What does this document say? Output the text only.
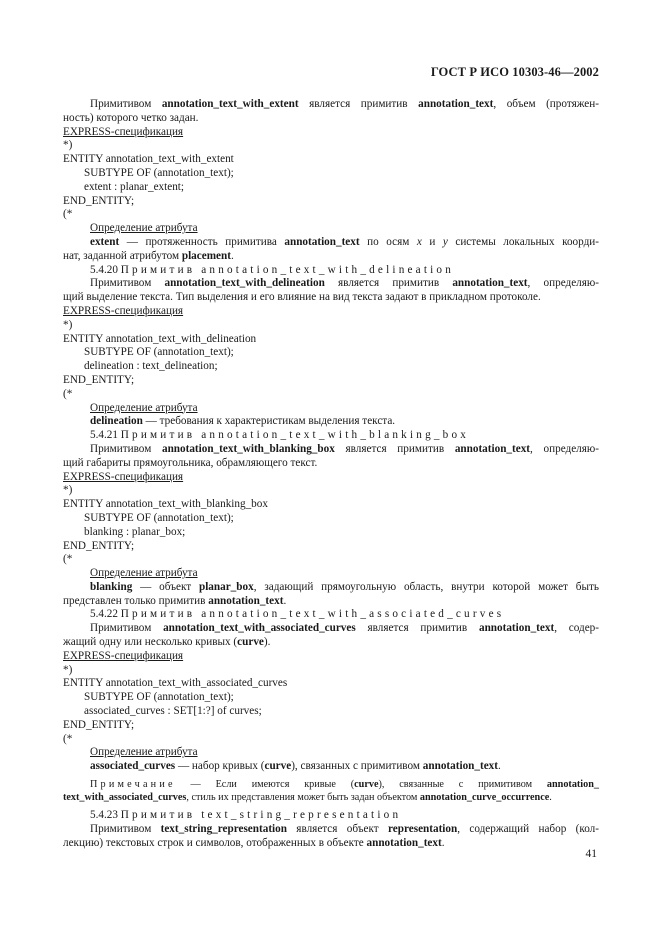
ГОСТ Р ИСО 10303-46—2002

Примитивом annotation_text_with_extent является примитив annotation_text, объем (протяжен-

ность) которого четко задан.

EXPRESS-спецификация

*)

ENTITY annotation_text_with_extent

SUBTYPE OF (annotation_text);

extent : planar_extent;

END_ENTITY;

(*

Определение атрибута

extent — протяженность примитива annotation_text по осям x и y системы локальных коорди-

нат, заданной атрибутом placement.

5.4.20 Примитив annotation_text_with_delineation

Примитивом annotation_text_with_delineation является примитив annotation_text, определяю-

щий выделение текста. Тип выделения и его влияние на вид текста задают в прикладном протоколе.

EXPRESS-спецификация

*)

ENTITY annotation_text_with_delineation

SUBTYPE OF (annotation_text);

delineation : text_delineation;

END_ENTITY;

(*

Определение атрибута

delineation — требования к характеристикам выделения текста.

5.4.21 Примитив annotation_text_with_blanking_box

Примитивом annotation_text_with_blanking_box является примитив annotation_text, определяю-

щий габариты прямоугольника, обрамляющего текст.

EXPRESS-спецификация

*)

ENTITY annotation_text_with_blanking_box

SUBTYPE OF (annotation_text);

blanking : planar_box;

END_ENTITY;

(*

Определение атрибута

blanking — объект planar_box, задающий прямоугольную область, внутри которой может быть

представлен только примитив annotation_text.

5.4.22 Примитив annotation_text_with_associated_curves

Примитивом annotation_text_with_associated_curves является примитив annotation_text, содер-

жащий одну или несколько кривых (curve).

EXPRESS-спецификация

*)

ENTITY annotation_text_with_associated_curves

SUBTYPE OF (annotation_text);

associated_curves : SET[1:?] of curves;

END_ENTITY;

(*

Определение атрибута

associated_curves — набор кривых (curve), связанных с примитивом annotation_text.

Примечание — Если имеются кривые (curve), связанные с примитивом annotation_

text_with_associated_curves, стиль их представления может быть задан объектом annotation_curve_occurrence.

5.4.23 Примитив text_string_representation

Примитивом text_string_representation является объект representation, содержащий набор (кол-

лекцию) текстовых строк и символов, отображенных в объекте annotation_text.

41
